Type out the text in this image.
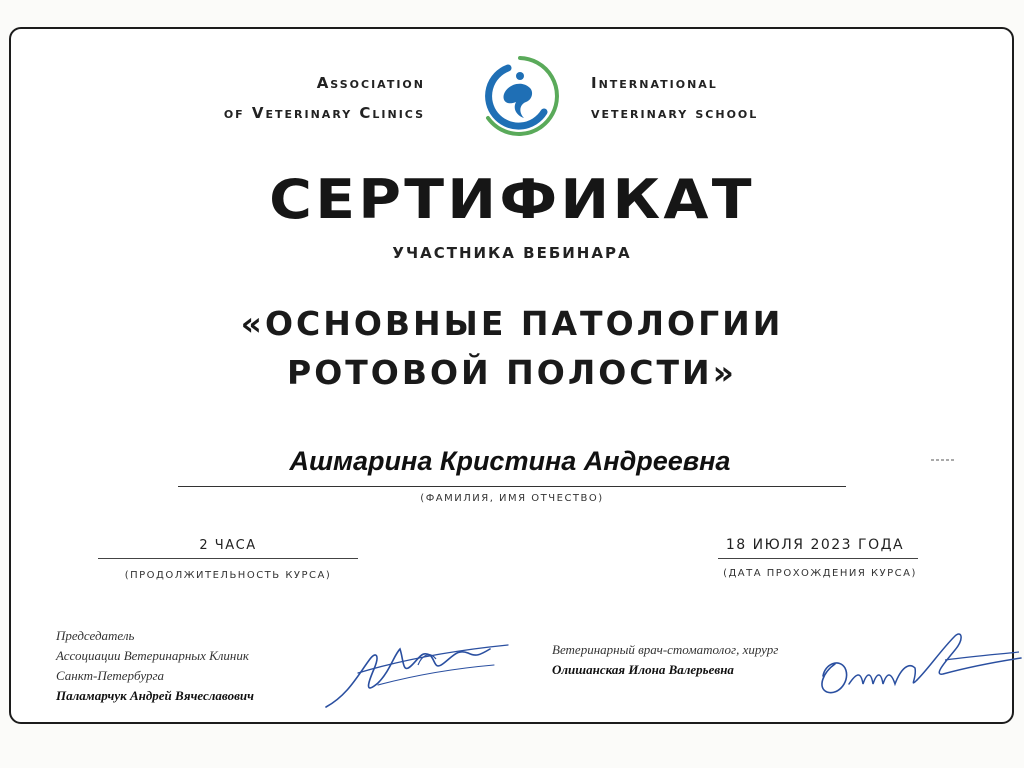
Association
of Veterinary Clinics
International
veterinary school
СЕРТИФИКАТ
УЧАСТНИКА ВЕБИНАРА
«ОСНОВНЫЕ ПАТОЛОГИИ
РОТОВОЙ ПОЛОСТИ»
Ашмарина Кристина Андреевна
(ФАМИЛИЯ, ИМЯ ОТЧЕСТВО)
2 ЧАСА
(ПРОДОЛЖИТЕЛЬНОСТЬ КУРСА)
18 ИЮЛЯ 2023 ГОДА
(ДАТА ПРОХОЖДЕНИЯ КУРСА)
Председатель
Ассоциации Ветеринарных Клиник
Санкт-Петербурга
Паламарчук Андрей Вячеславович
Ветеринарный врач-стоматолог, хирург
Олишанская Илона Валерьевна
